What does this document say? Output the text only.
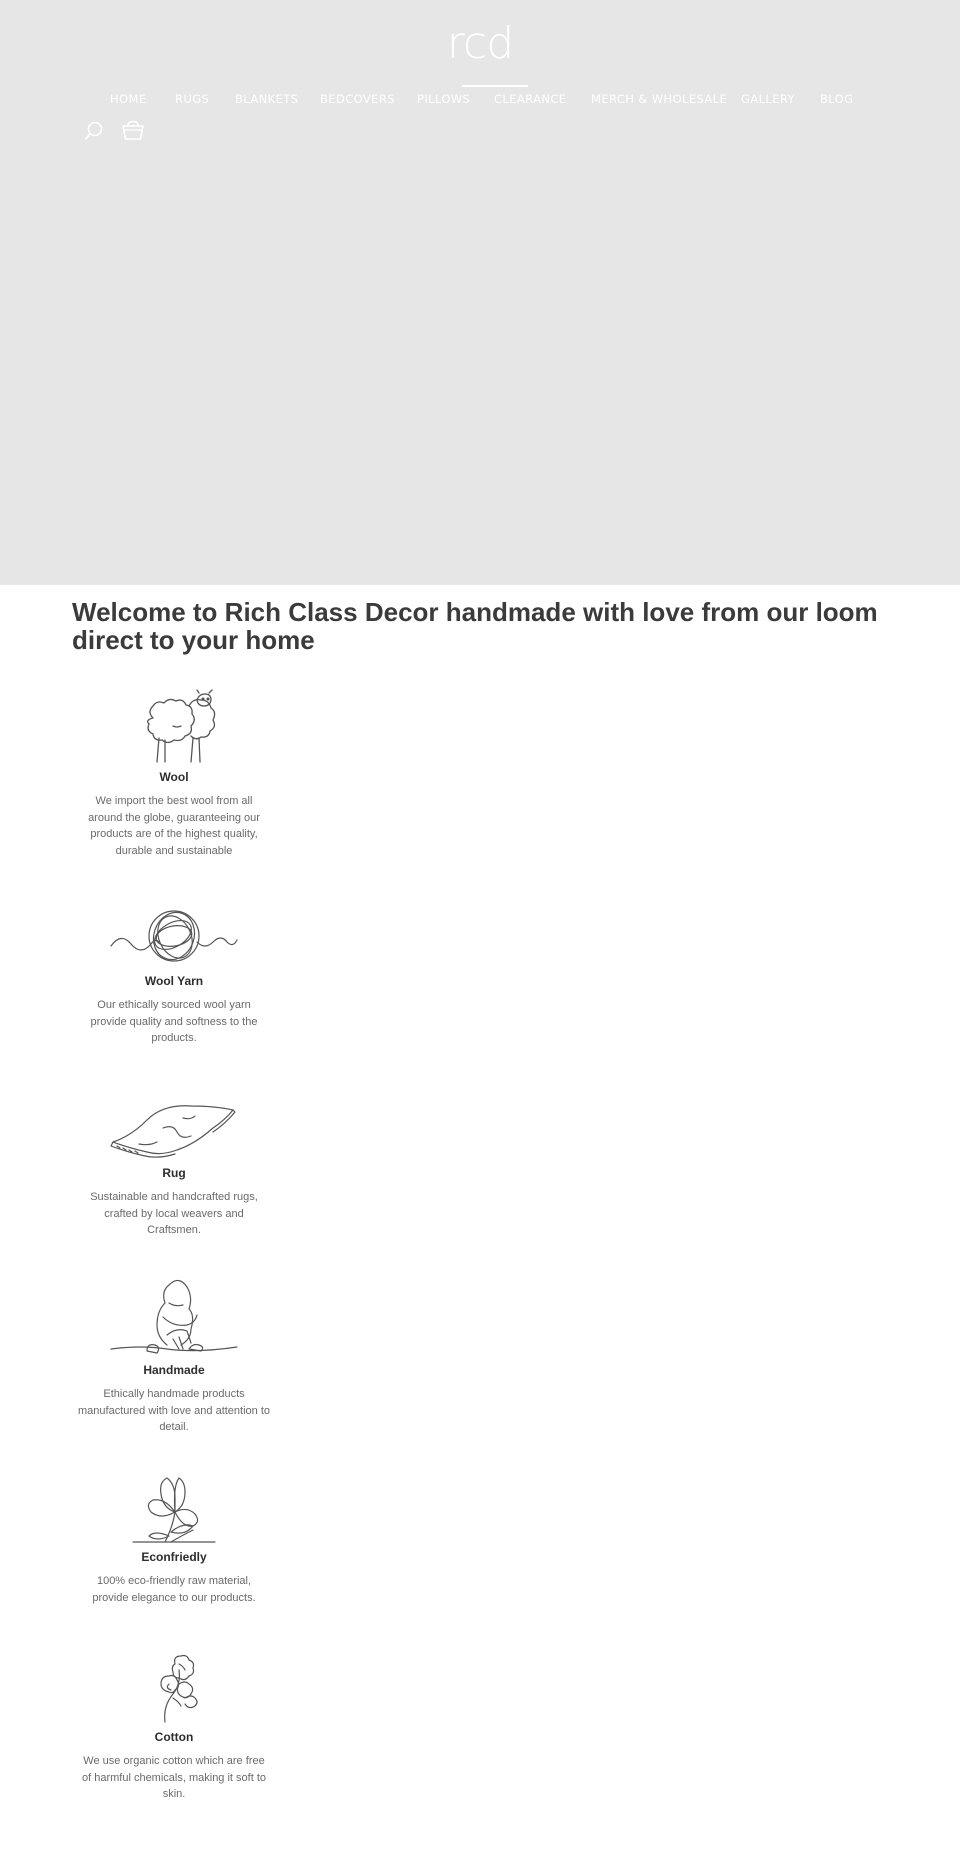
rcd
HOME RUGS BLANKETS BEDCOVERS PILLOWS CLEARANCE MERCH & WHOLESALE GALLERY BLOG
Welcome to Rich Class Decor handmade with love from our loom direct to your home
Wool
We import the best wool from all around the globe, guaranteeing our products are of the highest quality, durable and sustainable
Wool Yarn
Our ethically sourced wool yarn provide quality and softness to the products.
Rug
Sustainable and handcrafted rugs, crafted by local weavers and Craftsmen.
Handmade
Ethically handmade products manufactured with love and attention to detail.
Econfriedly
100% eco-friendly raw material, provide elegance to our products.
Cotton
We use organic cotton which are free of harmful chemicals, making it soft to skin.
